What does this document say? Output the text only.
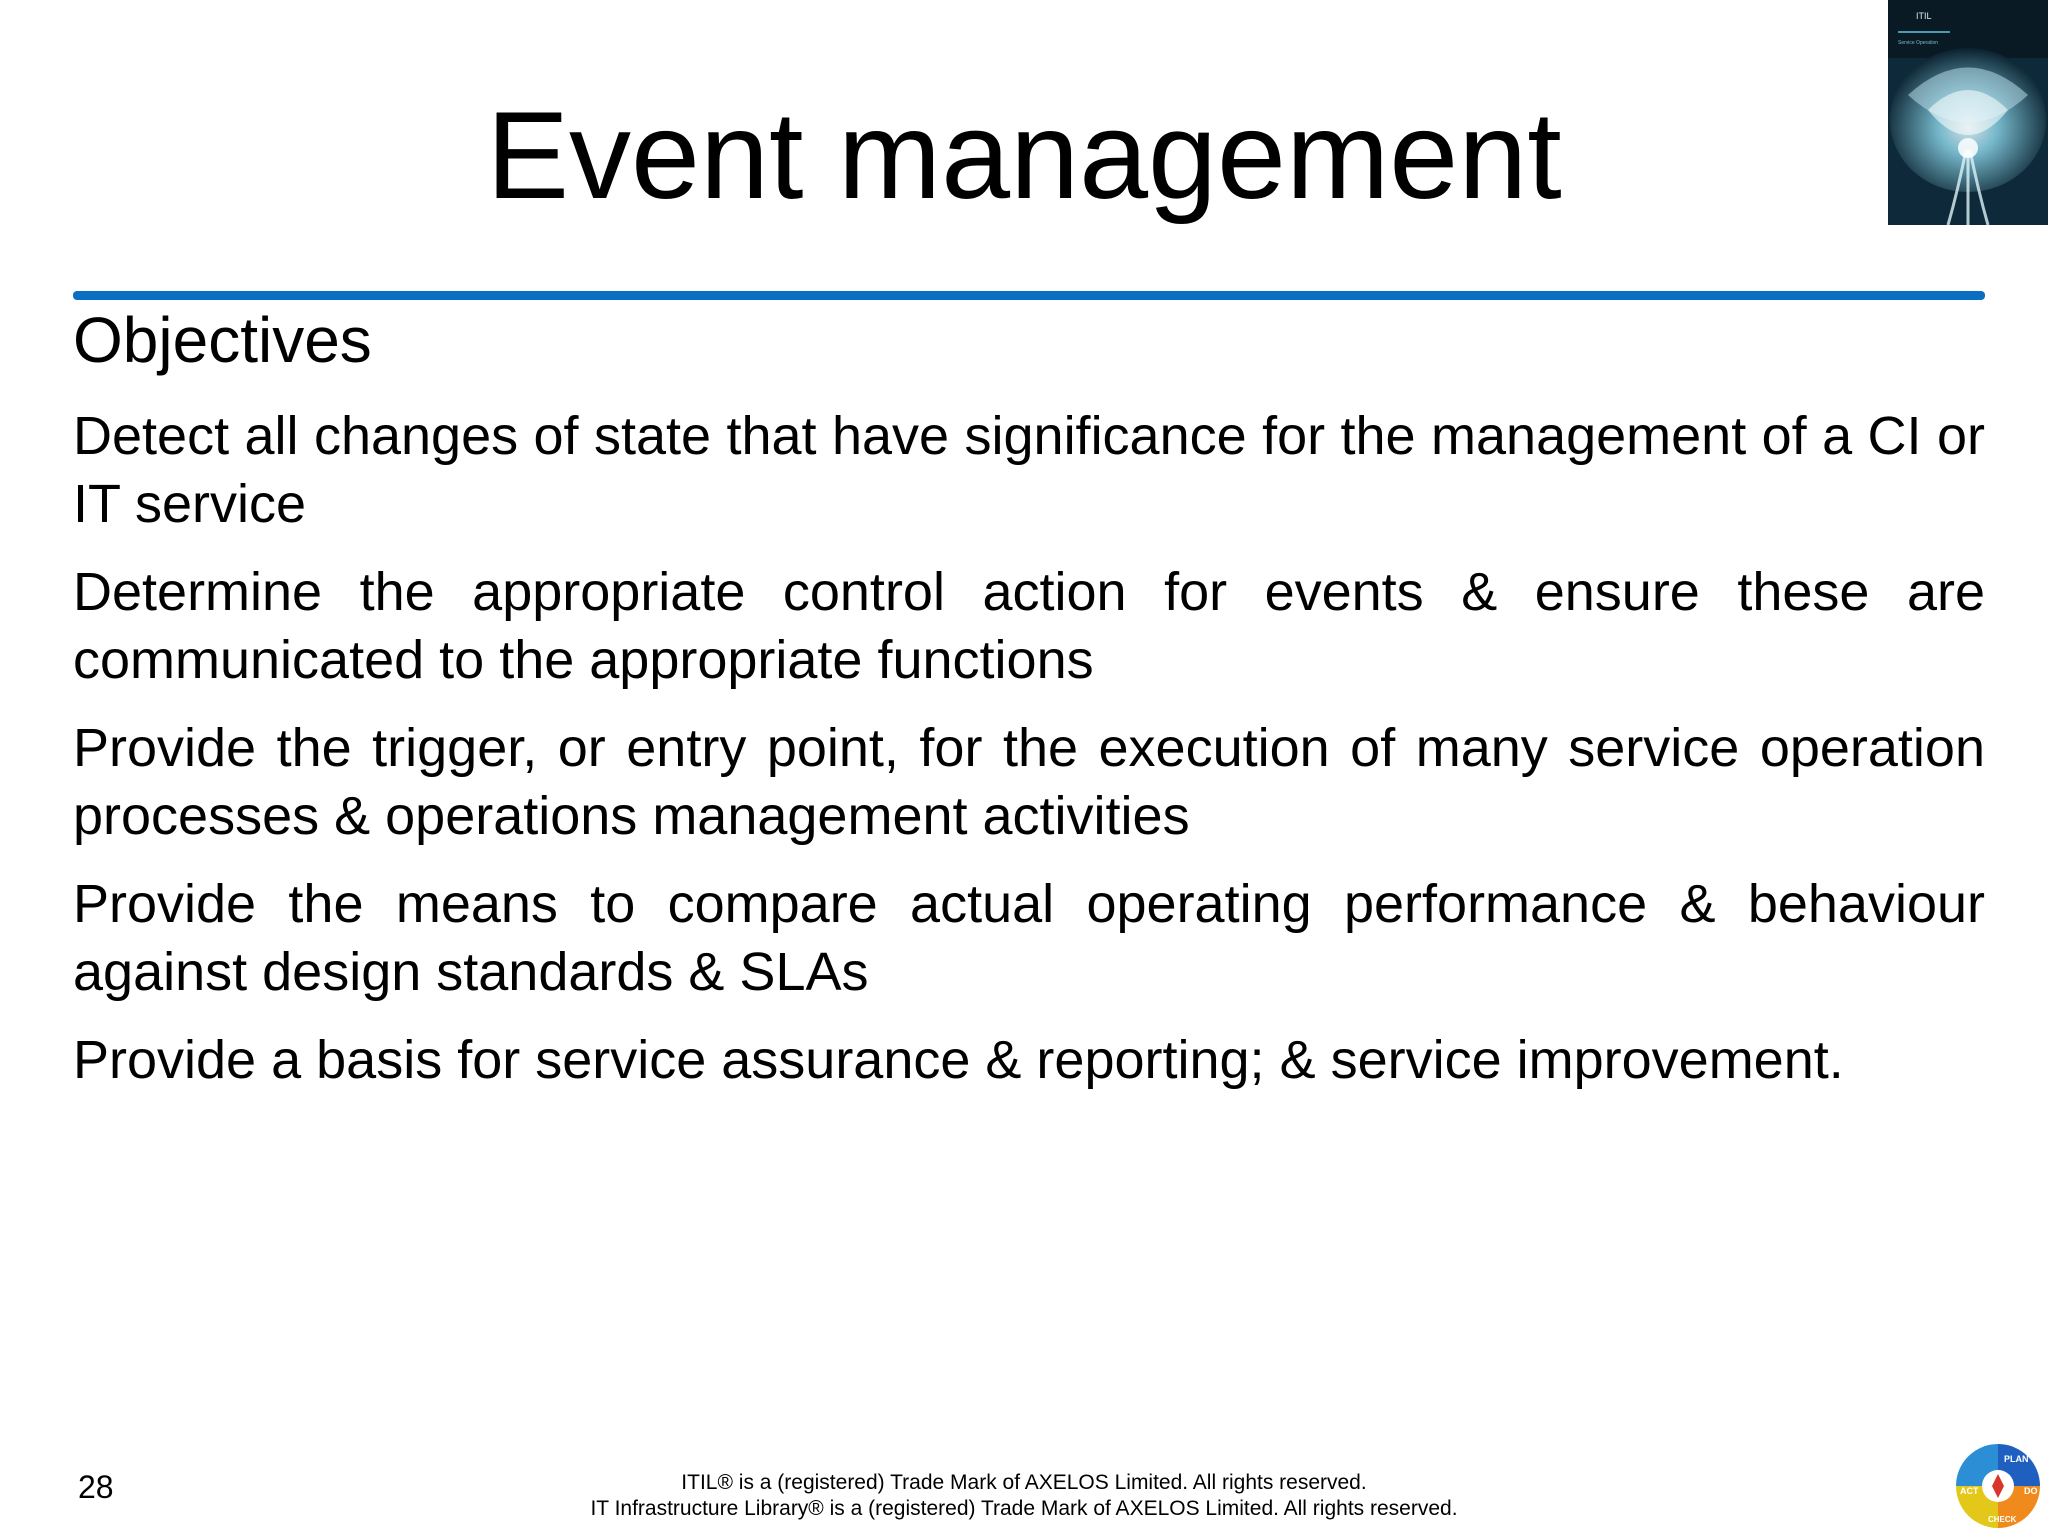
Event management
ITIL
Service Operation
Objectives
Detect all changes of state that have significance for the management of a CI or IT service
Determine the appropriate control action for events & ensure these are communicated to the appropriate functions
Provide the trigger, or entry point, for the execution of many service operation processes & operations management activities
Provide the means to compare actual operating performance & behaviour against design standards & SLAs
Provide a basis for service assurance & reporting; & service improvement.
28	ITIL® is a (registered) Trade Mark of AXELOS Limited. All rights reserved.
IT Infrastructure Library® is a (registered) Trade Mark of AXELOS Limited. All rights reserved.
PLAN
DO
CHECK
ACT
